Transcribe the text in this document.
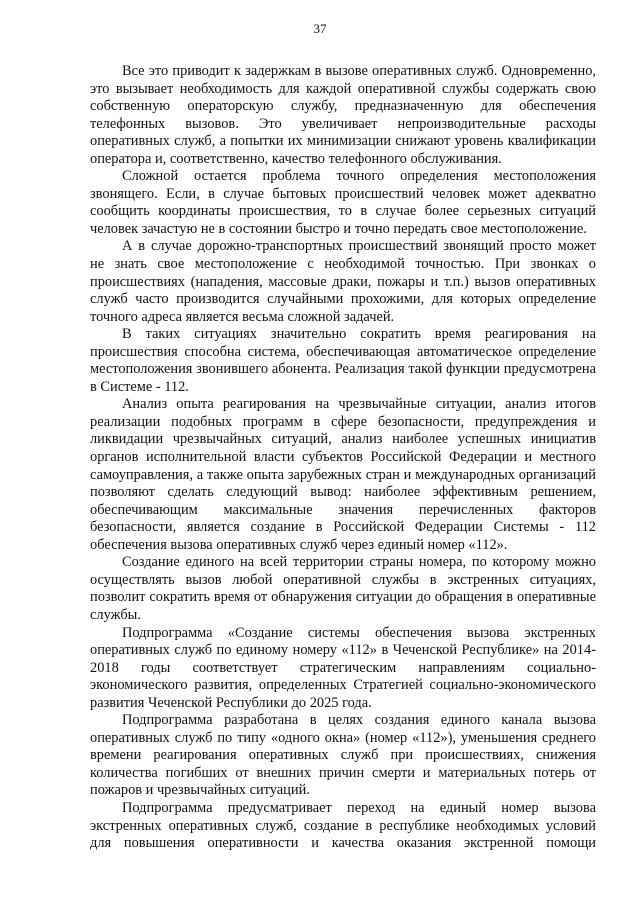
37

Все это приводит к задержкам в вызове оперативных служб. Одновременно, это вызывает необходимость для каждой оперативной службы содержать свою собственную операторскую службу, предназначенную для обеспечения телефонных вызовов. Это увеличивает непроизводительные расходы оперативных служб, а попытки их минимизации снижают уровень квалификации оператора и, соответственно, качество телефонного обслуживания.

Сложной остается проблема точного определения местоположения звонящего. Если, в случае бытовых происшествий человек может адекватно сообщить координаты происшествия, то в случае более серьезных ситуаций человек зачастую не в состоянии быстро и точно передать свое местоположение.

А в случае дорожно-транспортных происшествий звонящий просто может не знать свое местоположение с необходимой точностью. При звонках о происшествиях (нападения, массовые драки, пожары и т.п.) вызов оперативных служб часто производится случайными прохожими, для которых определение точного адреса является весьма сложной задачей.

В таких ситуациях значительно сократить время реагирования на происшествия способна система, обеспечивающая автоматическое определение местоположения звонившего абонента. Реализация такой функции предусмотрена в Системе - 112.

Анализ опыта реагирования на чрезвычайные ситуации, анализ итогов реализации подобных программ в сфере безопасности, предупреждения и ликвидации чрезвычайных ситуаций, анализ наиболее успешных инициатив органов исполнительной власти субъектов Российской Федерации и местного самоуправления, а также опыта зарубежных стран и международных организаций позволяют сделать следующий вывод: наиболее эффективным решением, обеспечивающим максимальные значения перечисленных факторов безопасности, является создание в Российской Федерации Системы - 112 обеспечения вызова оперативных служб через единый номер «112».

Создание единого на всей территории страны номера, по которому можно осуществлять вызов любой оперативной службы в экстренных ситуациях, позволит сократить время от обнаружения ситуации до обращения в оперативные службы.

Подпрограмма «Создание системы обеспечения вызова экстренных оперативных служб по единому номеру «112» в Чеченской Республике» на 2014-2018 годы соответствует стратегическим направлениям социально-экономического развития, определенных Стратегией социально-экономического развития Чеченской Республики до 2025 года.

Подпрограмма разработана в целях создания единого канала вызова оперативных служб по типу «одного окна» (номер «112»), уменьшения среднего времени реагирования оперативных служб при происшествиях, снижения количества погибших от внешних причин смерти и материальных потерь от пожаров и чрезвычайных ситуаций.

Подпрограмма предусматривает переход на единый номер вызова экстренных оперативных служб, создание в республике необходимых условий для повышения оперативности и качества оказания экстренной помощи
